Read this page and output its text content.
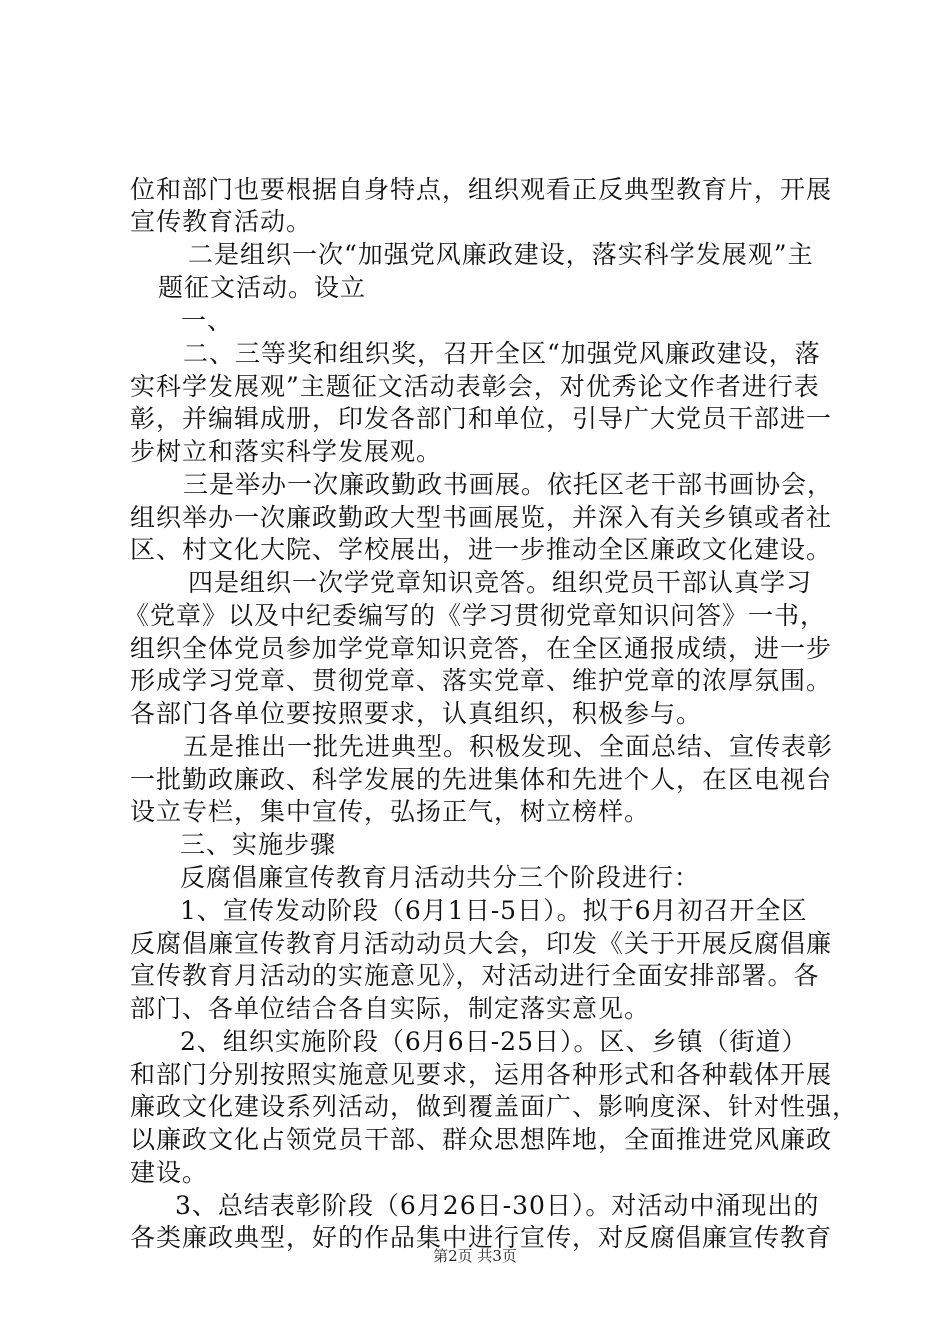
位和部门也要根据自身特点，组织观看正反典型教育片，开展
宣传教育活动。
二是组织一次“加强党风廉政建设，落实科学发展观”主
题征文活动。设立
一、
二、三等奖和组织奖，召开全区“加强党风廉政建设，落
实科学发展观”主题征文活动表彰会，对优秀论文作者进行表
彰，并编辑成册，印发各部门和单位，引导广大党员干部进一
步树立和落实科学发展观。
三是举办一次廉政勤政书画展。依托区老干部书画协会，
组织举办一次廉政勤政大型书画展览，并深入有关乡镇或者社
区、村文化大院、学校展出，进一步推动全区廉政文化建设。
四是组织一次学党章知识竞答。组织党员干部认真学习
《党章》以及中纪委编写的《学习贯彻党章知识问答》一书，
组织全体党员参加学党章知识竞答，在全区通报成绩，进一步
形成学习党章、贯彻党章、落实党章、维护党章的浓厚氛围。
各部门各单位要按照要求，认真组织，积极参与。
五是推出一批先进典型。积极发现、全面总结、宣传表彰
一批勤政廉政、科学发展的先进集体和先进个人，在区电视台
设立专栏，集中宣传，弘扬正气，树立榜样。
三、实施步骤
反腐倡廉宣传教育月活动共分三个阶段进行：
1、宣传发动阶段（6月1日-5日）。拟于6月初召开全区
反腐倡廉宣传教育月活动动员大会，印发《关于开展反腐倡廉
宣传教育月活动的实施意见》，对活动进行全面安排部署。各
部门、各单位结合各自实际，制定落实意见。
2、组织实施阶段（6月6日-25日）。区、乡镇（街道）
和部门分别按照实施意见要求，运用各种形式和各种载体开展
廉政文化建设系列活动，做到覆盖面广、影响度深、针对性强，
以廉政文化占领党员干部、群众思想阵地，全面推进党风廉政
建设。
3、总结表彰阶段（6月26日-30日）。对活动中涌现出的
各类廉政典型，好的作品集中进行宣传，对反腐倡廉宣传教育
第2页 共3页
